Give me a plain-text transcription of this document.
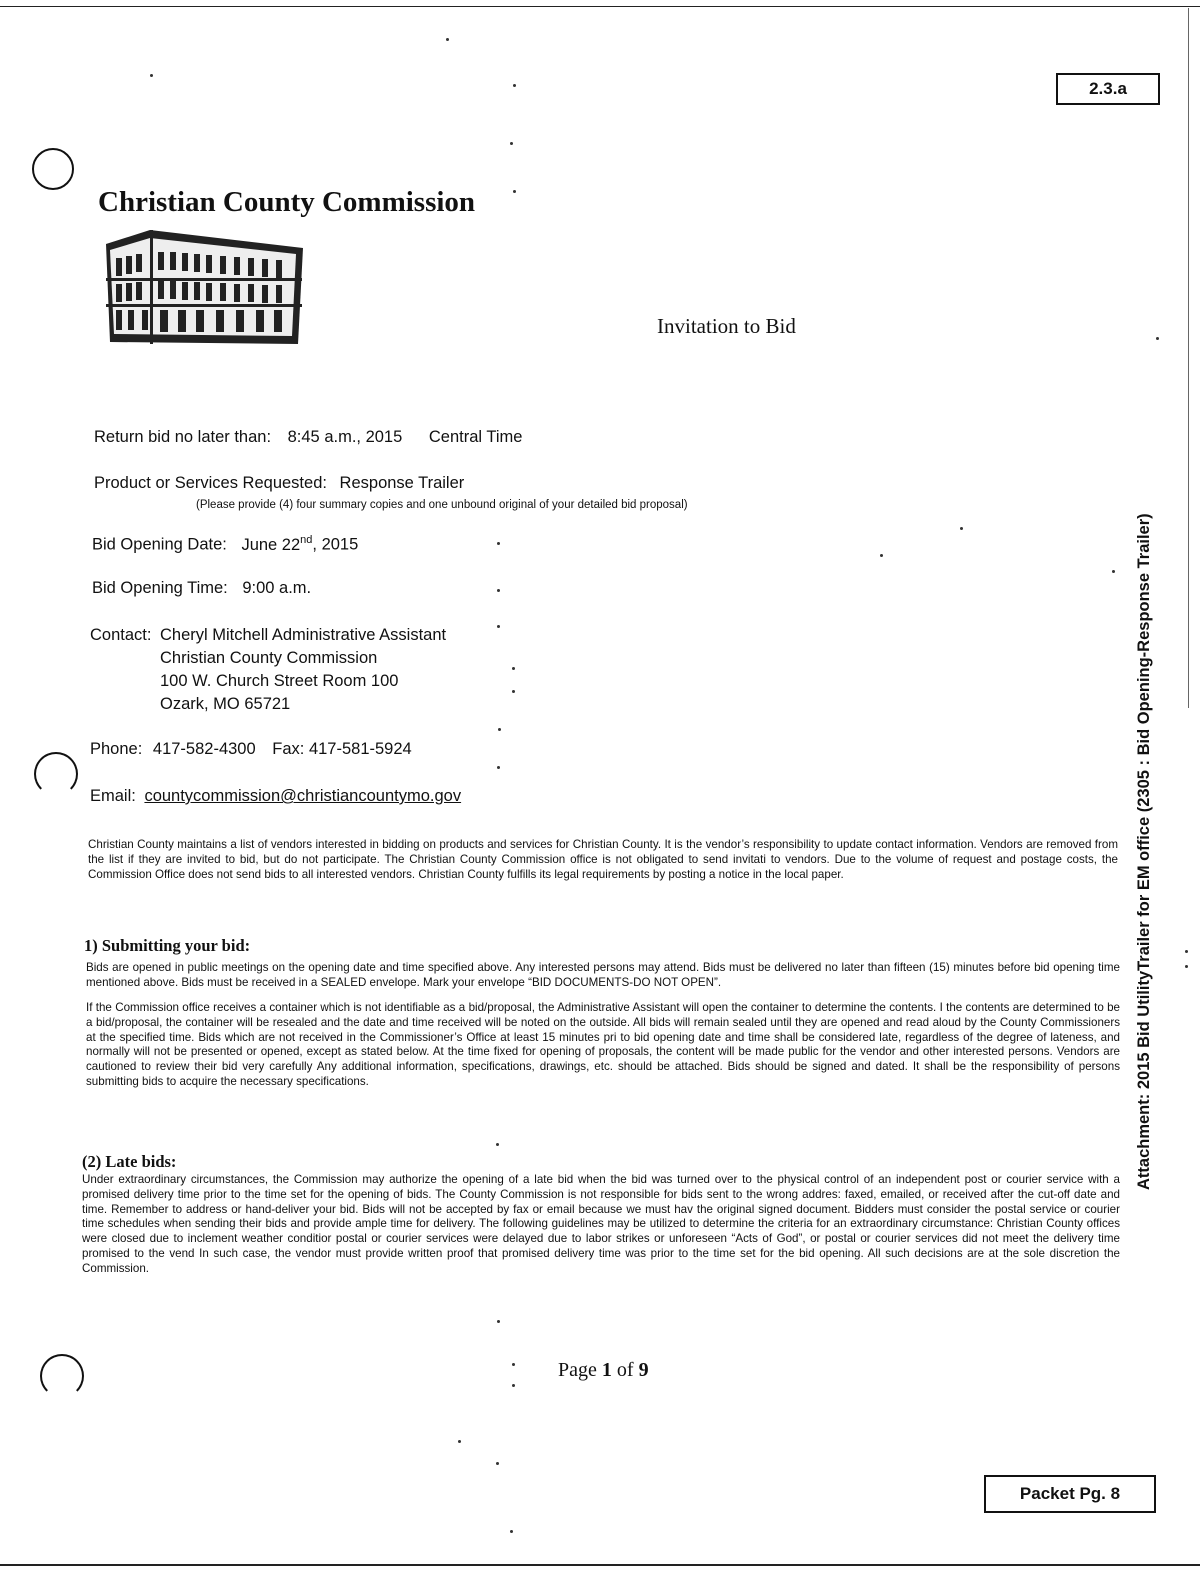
2.3.a
Christian County Commission
Invitation to Bid
Return bid no later than: 8:45 a.m., 2015 Central Time
Product or Services Requested: Response Trailer
(Please provide (4) four summary copies and one unbound original of your detailed bid proposal)
Bid Opening Date: June 22nd, 2015
Bid Opening Time: 9:00 a.m.
Contact: Cheryl Mitchell Administrative Assistant
Christian County Commission
100 W. Church Street Room 100
Ozark, MO 65721
Phone: 417-582-4300 Fax: 417-581-5924
Email: countycommission@christiancountymo.gov
Christian County maintains a list of vendors interested in bidding on products and services for Christian County. It is the vendor’s responsibility to update contact information. Vendors are removed from the list if they are invited to bid, but do not participate. The Christian County Commission office is not obligated to send invitati to vendors. Due to the volume of request and postage costs, the Commission Office does not send bids to all interested vendors. Christian County fulfills its legal requirements by posting a notice in the local paper.
1) Submitting your bid:
Bids are opened in public meetings on the opening date and time specified above. Any interested persons may attend. Bids must be delivered no later than fifteen (15) minutes before bid opening time mentioned above. Bids must be received in a SEALED envelope. Mark your envelope “BID DOCUMENTS-DO NOT OPEN”.
If the Commission office receives a container which is not identifiable as a bid/proposal, the Administrative Assistant will open the container to determine the contents. I the contents are determined to be a bid/proposal, the container will be resealed and the date and time received will be noted on the outside. All bids will remain sealed until they are opened and read aloud by the County Commissioners at the specified time. Bids which are not received in the Commissioner’s Office at least 15 minutes pri to bid opening date and time shall be considered late, regardless of the degree of lateness, and normally will not be presented or opened, except as stated below. At the time fixed for opening of proposals, the content will be made public for the vendor and other interested persons. Vendors are cautioned to review their bid very carefully Any additional information, specifications, drawings, etc. should be attached. Bids should be signed and dated. It shall be the responsibility of persons submitting bids to acquire the necessary specifications.
(2) Late bids:
Under extraordinary circumstances, the Commission may authorize the opening of a late bid when the bid was turned over to the physical control of an independent post or courier service with a promised delivery time prior to the time set for the opening of bids. The County Commission is not responsible for bids sent to the wrong addres: faxed, emailed, or received after the cut-off date and time. Remember to address or hand-deliver your bid. Bids will not be accepted by fax or email because we must hav the original signed document. Bidders must consider the postal service or courier time schedules when sending their bids and provide ample time for delivery. The following guidelines may be utilized to determine the criteria for an extraordinary circumstance: Christian County offices were closed due to inclement weather conditior postal or courier services were delayed due to labor strikes or unforeseen “Acts of God”, or postal or courier services did not meet the delivery time promised to the vend In such case, the vendor must provide written proof that promised delivery time was prior to the time set for the bid opening. All such decisions are at the sole discretion the Commission.
Page 1 of 9
Packet Pg. 8
Attachment: 2015 Bid UtilityTrailer for EM office (2305 : Bid Opening-Response Trailer)
